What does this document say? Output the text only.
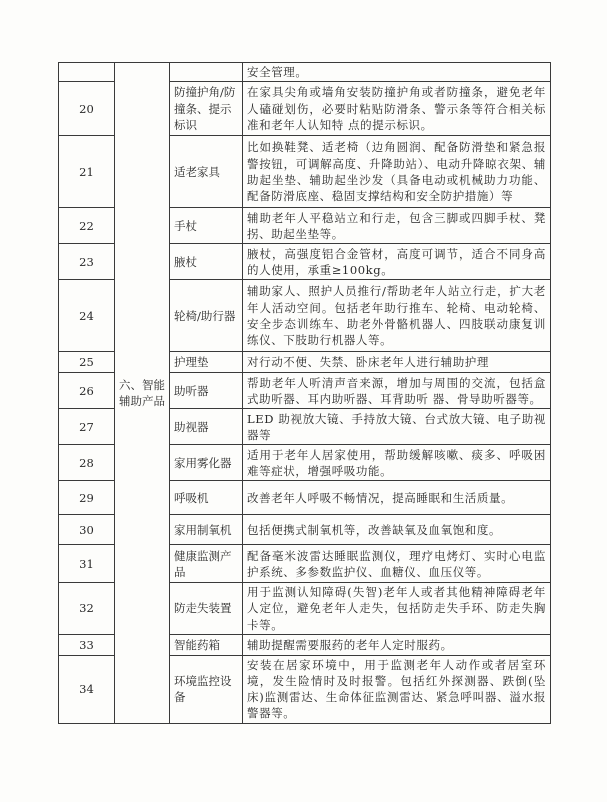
	六、智能辅助产品		安全管理。
20		防撞护角/防撞条、提示标识	在家具尖角或墙角安装防撞护角或者防撞条，避免老年人磕碰划伤，必要时粘贴防滑条、警示条等符合相关标准和老年人认知特 点的提示标识。
21		适老家具	比如换鞋凳、适老椅（边角圆润、配备防滑垫和紧急报警按钮，可调解高度、升降助站）、电动升降晾衣架、辅助起坐垫、辅助起坐沙发（具备电动或机械助力功能、配备防滑底座、稳固支撑结构和安全防护措施）等
22		手杖	辅助老年人平稳站立和行走，包含三脚或四脚手杖、凳拐、助起坐垫等。
23		腋杖	腋杖，高强度铝合金管材，高度可调节，适合不同身高的人使用，承重≥100kg。
24		轮椅/助行器	辅助家人、照护人员推行/帮助老年人站立行走，扩大老年人活动空间。包括老年助行推车、轮椅、电动轮椅、安全步态训练车、助老外骨骼机器人、四肢联动康复训练仪、下肢助行机器人等。
25		护理垫	对行动不便、失禁、卧床老年人进行辅助护理
26		助听器	帮助老年人听清声音来源，增加与周围的交流，包括盒式助听器、耳内助听器、耳背助听 器、骨导助听器等。
27		助视器	LED 助视放大镜、手持放大镜、台式放大镜、电子助视器等
28		家用雾化器	适用于老年人居家使用，帮助缓解咳嗽、痰多、呼吸困难等症状，增强呼吸功能。
29		呼吸机	改善老年人呼吸不畅情况，提高睡眠和生活质量。
30		家用制氧机	包括便携式制氧机等，改善缺氧及血氧饱和度。
31		健康监测产品	配备毫米波雷达睡眠监测仪，理疗电烤灯、实时心电监护系统、多参数监护仪、血糖仪、血压仪等。
32		防走失装置	用于监测认知障碍(失智)老年人或者其他精神障碍老年人定位，避免老年人走失，包括防走失手环、防走失胸卡等。
33		智能药箱	辅助提醒需要服药的老年人定时服药。
34		环境监控设备	安装在居家环境中，用于监测老年人动作或者居室环境，发生险情时及时报警。包括红外探测器、跌倒(坠床)监测雷达、生命体征监测雷达、紧急呼叫器、溢水报警器等。
